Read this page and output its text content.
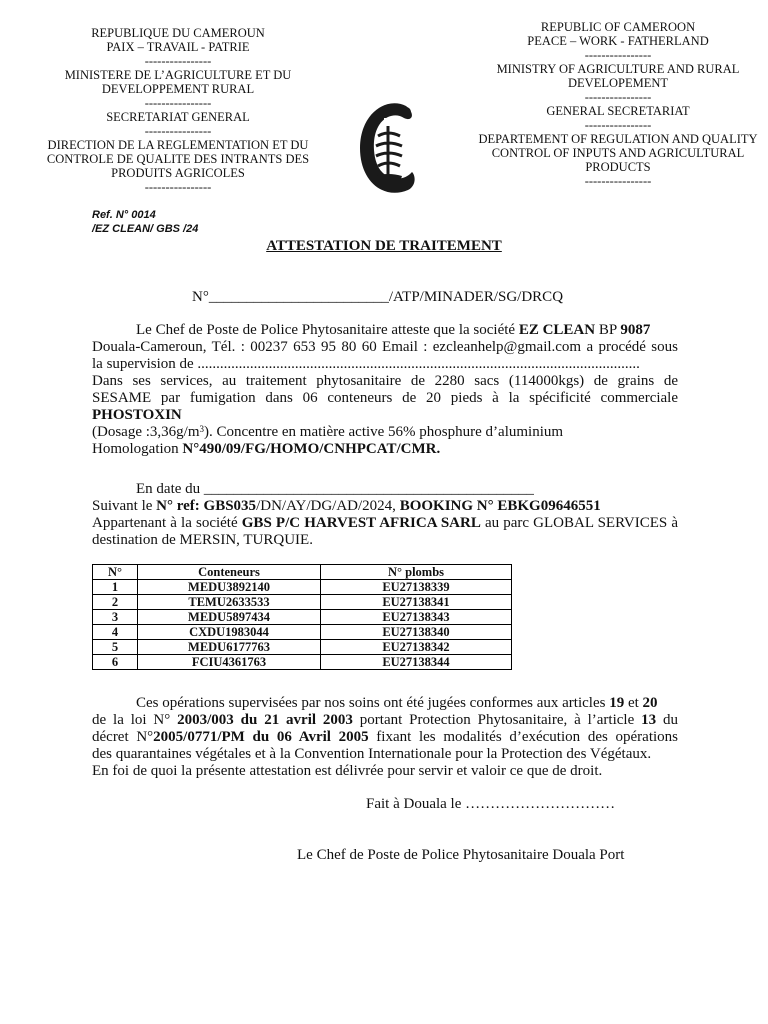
REPUBLIQUE DU CAMEROUN
PAIX – TRAVAIL - PATRIE
----------------
MINISTERE DE L’AGRICULTURE ET DU
DEVELOPPEMENT RURAL
----------------
SECRETARIAT GENERAL
----------------
DIRECTION DE LA REGLEMENTATION ET DU
CONTROLE DE QUALITE DES INTRANTS DES
PRODUITS AGRICOLES
----------------
REPUBLIC OF CAMEROON
PEACE – WORK - FATHERLAND
----------------
MINISTRY OF AGRICULTURE AND RURAL
DEVELOPEMENT
----------------
GENERAL SECRETARIAT
----------------
DEPARTEMENT OF REGULATION AND QUALITY
CONTROL OF INPUTS AND AGRICULTURAL
PRODUCTS
----------------
Ref. N° 0014
/EZ CLEAN/ GBS /24
ATTESTATION DE TRAITEMENT
N°________________________/ATP/MINADER/SG/DRCQ
Le Chef de Poste de Police Phytosanitaire atteste que la société EZ CLEAN BP 9087
Douala-Cameroun, Tél. : 00237 653 95 80 60 Email : ezcleanhelp@gmail.com a procédé sous
la supervision de ......................................................................................................................
Dans ses services, au traitement phytosanitaire de 2280 sacs (114000kgs) de grains de
SESAME par fumigation dans 06 conteneurs de 20 pieds à la spécificité commerciale
PHOSTOXIN
(Dosage $:3,36g/m^3$). Concentre en matière active 56% phosphure d’aluminium
Homologation N°490/09/FG/HOMO/CNHPCAT/CMR.
En date du ____________________________________________
Suivant le N° ref: GBS035/DN/AY/DG/AD/2024, BOOKING N° EBKG09646551
Appartenant à la société GBS P/C HARVEST AFRICA SARL au parc GLOBAL SERVICES à
destination de MERSIN, TURQUIE.
N°	Conteneurs	N° plombs
1	MEDU3892140	EU27138339
2	TEMU2633533	EU27138341
3	MEDU5897434	EU27138343
4	CXDU1983044	EU27138340
5	MEDU6177763	EU27138342
6	FCIU4361763	EU27138344
Ces opérations supervisées par nos soins ont été jugées conformes aux articles 19 et 20
de la loi N° 2003/003 du 21 avril 2003 portant Protection Phytosanitaire, à l’article 13 du
décret N°2005/0771/PM du 06 Avril 2005 fixant les modalités d’exécution des opérations
des quarantaines végétales et à la Convention Internationale pour la Protection des Végétaux.
En foi de quoi la présente attestation est délivrée pour servir et valoir ce que de droit.
Fait à Douala le …………………………
Le Chef de Poste de Police Phytosanitaire Douala Port
